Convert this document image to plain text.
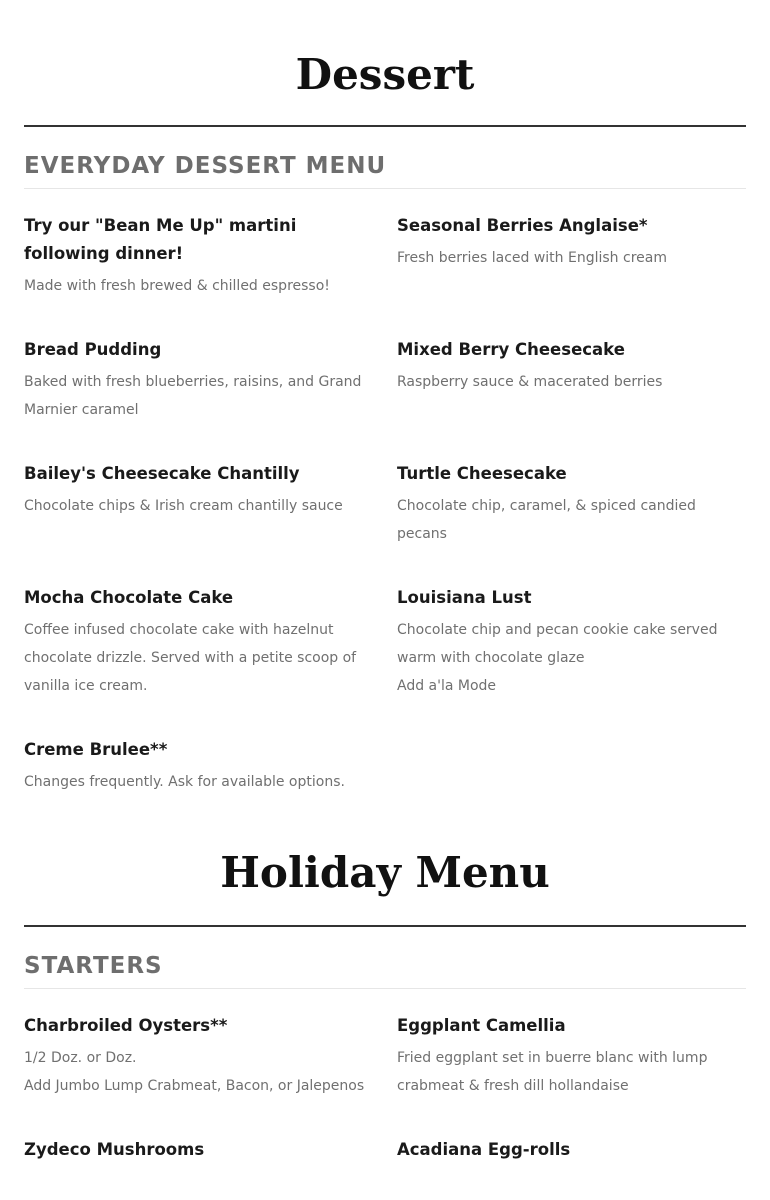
Dessert
EVERYDAY DESSERT MENU
Try our "Bean Me Up" martini following dinner!
Made with fresh brewed & chilled espresso!
Seasonal Berries Anglaise*
Fresh berries laced with English cream
Bread Pudding
Baked with fresh blueberries, raisins, and Grand Marnier caramel
Mixed Berry Cheesecake
Raspberry sauce & macerated berries
Bailey's Cheesecake Chantilly
Chocolate chips & Irish cream chantilly sauce
Turtle Cheesecake
Chocolate chip, caramel, & spiced candied pecans
Mocha Chocolate Cake
Coffee infused chocolate cake with hazelnut chocolate drizzle. Served with a petite scoop of vanilla ice cream.
Louisiana Lust
Chocolate chip and pecan cookie cake served warm with chocolate glaze
Add a'la Mode
Creme Brulee**
Changes frequently. Ask for available options.
Holiday Menu
STARTERS
Charbroiled Oysters**
1/2 Doz. or Doz.
Add Jumbo Lump Crabmeat, Bacon, or Jalepenos
Eggplant Camellia
Fried eggplant set in buerre blanc with lump crabmeat & fresh dill hollandaise
Zydeco Mushrooms	Acadiana Egg-rolls
